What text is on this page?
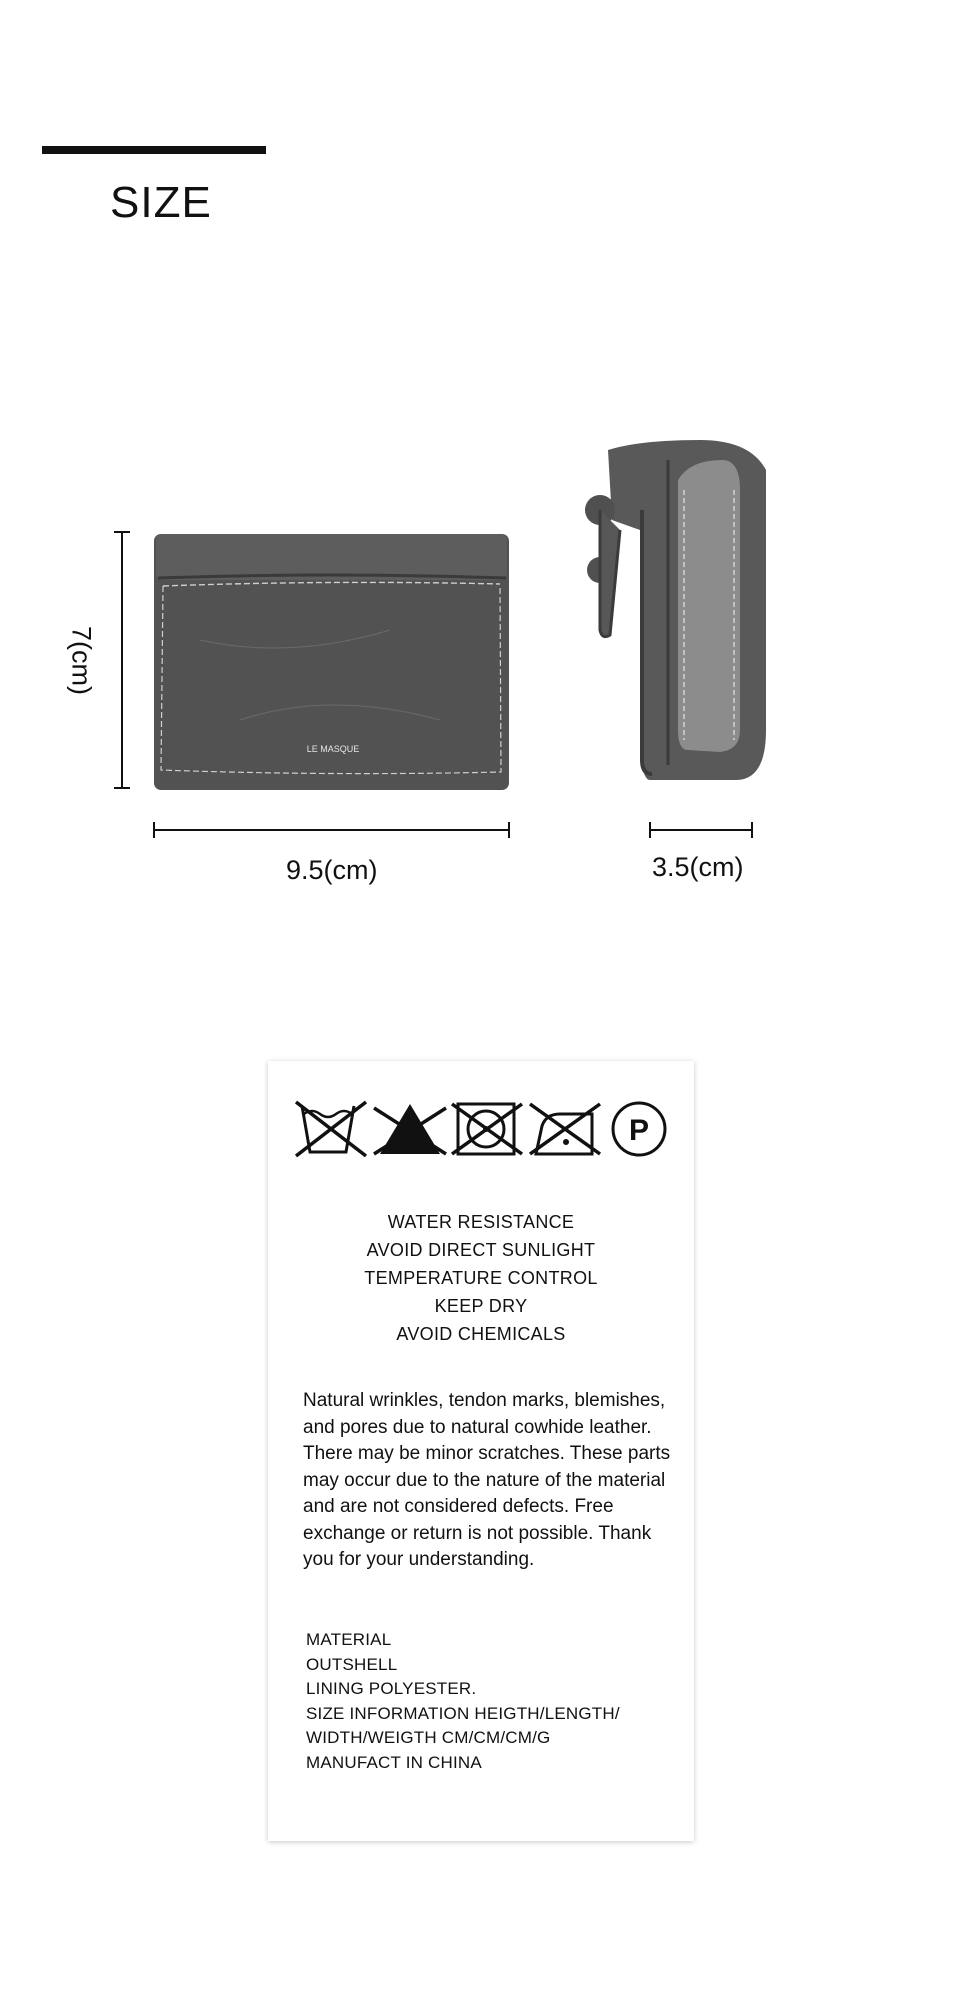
SIZE
LE MASQUE
7(cm)
9.5(cm)	3.5(cm)
P
WATER RESISTANCE
AVOID DIRECT SUNLIGHT
TEMPERATURE CONTROL
KEEP DRY
AVOID CHEMICALS
Natural wrinkles, tendon marks, blemishes, and pores due to natural cowhide leather. There may be minor scratches. These parts may occur due to the nature of the material and are not considered defects. Free exchange or return is not possible. Thank you for your understanding.
MATERIAL
OUTSHELL
LINING POLYESTER.
SIZE INFORMATION HEIGTH/LENGTH/
WIDTH/WEIGTH CM/CM/CM/G
MANUFACT IN CHINA
